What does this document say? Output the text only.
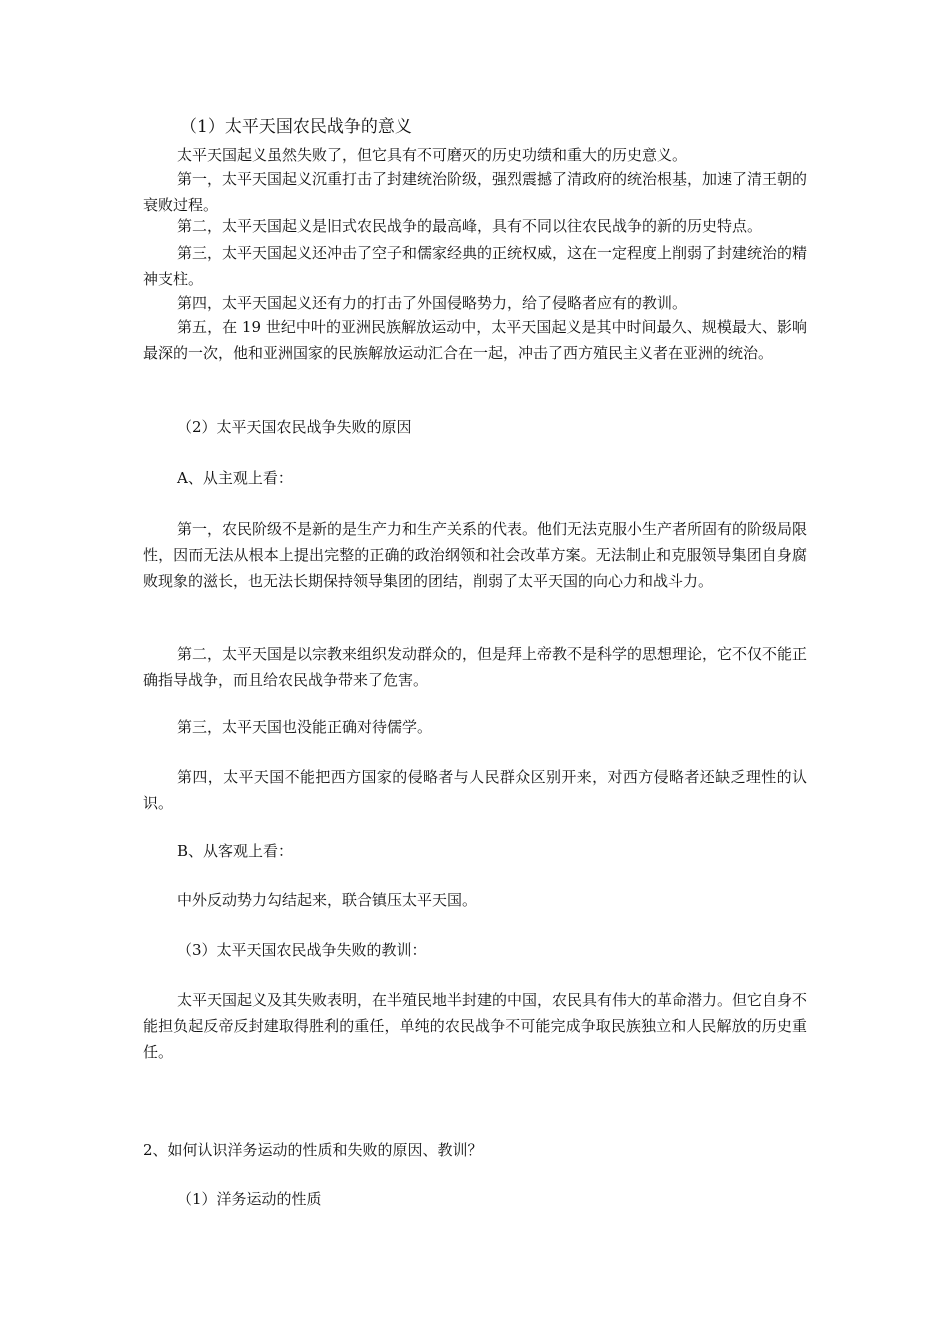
（1）太平天国农民战争的意义

太平天国起义虽然失败了，但它具有不可磨灭的历史功绩和重大的历史意义。

第一，太平天国起义沉重打击了封建统治阶级，强烈震撼了清政府的统治根基，加速了清王朝的衰败过程。

第二，太平天国起义是旧式农民战争的最高峰，具有不同以往农民战争的新的历史特点。

第三，太平天国起义还冲击了空子和儒家经典的正统权威，这在一定程度上削弱了封建统治的精神支柱。

第四，太平天国起义还有力的打击了外国侵略势力，给了侵略者应有的教训。

第五，在 19 世纪中叶的亚洲民族解放运动中，太平天国起义是其中时间最久、规模最大、影响最深的一次，他和亚洲国家的民族解放运动汇合在一起，冲击了西方殖民主义者在亚洲的统治。

（2）太平天国农民战争失败的原因

A、从主观上看：

第一，农民阶级不是新的是生产力和生产关系的代表。他们无法克服小生产者所固有的阶级局限性，因而无法从根本上提出完整的正确的政治纲领和社会改革方案。无法制止和克服领导集团自身腐败现象的滋长，也无法长期保持领导集团的团结，削弱了太平天国的向心力和战斗力。

第二，太平天国是以宗教来组织发动群众的，但是拜上帝教不是科学的思想理论，它不仅不能正确指导战争，而且给农民战争带来了危害。

第三，太平天国也没能正确对待儒学。

第四，太平天国不能把西方国家的侵略者与人民群众区别开来，对西方侵略者还缺乏理性的认识。

B、从客观上看：

中外反动势力勾结起来，联合镇压太平天国。

（3）太平天国农民战争失败的教训：

太平天国起义及其失败表明，在半殖民地半封建的中国，农民具有伟大的革命潜力。但它自身不能担负起反帝反封建取得胜利的重任，单纯的农民战争不可能完成争取民族独立和人民解放的历史重任。

2、如何认识洋务运动的性质和失败的原因、教训？

（1）洋务运动的性质
